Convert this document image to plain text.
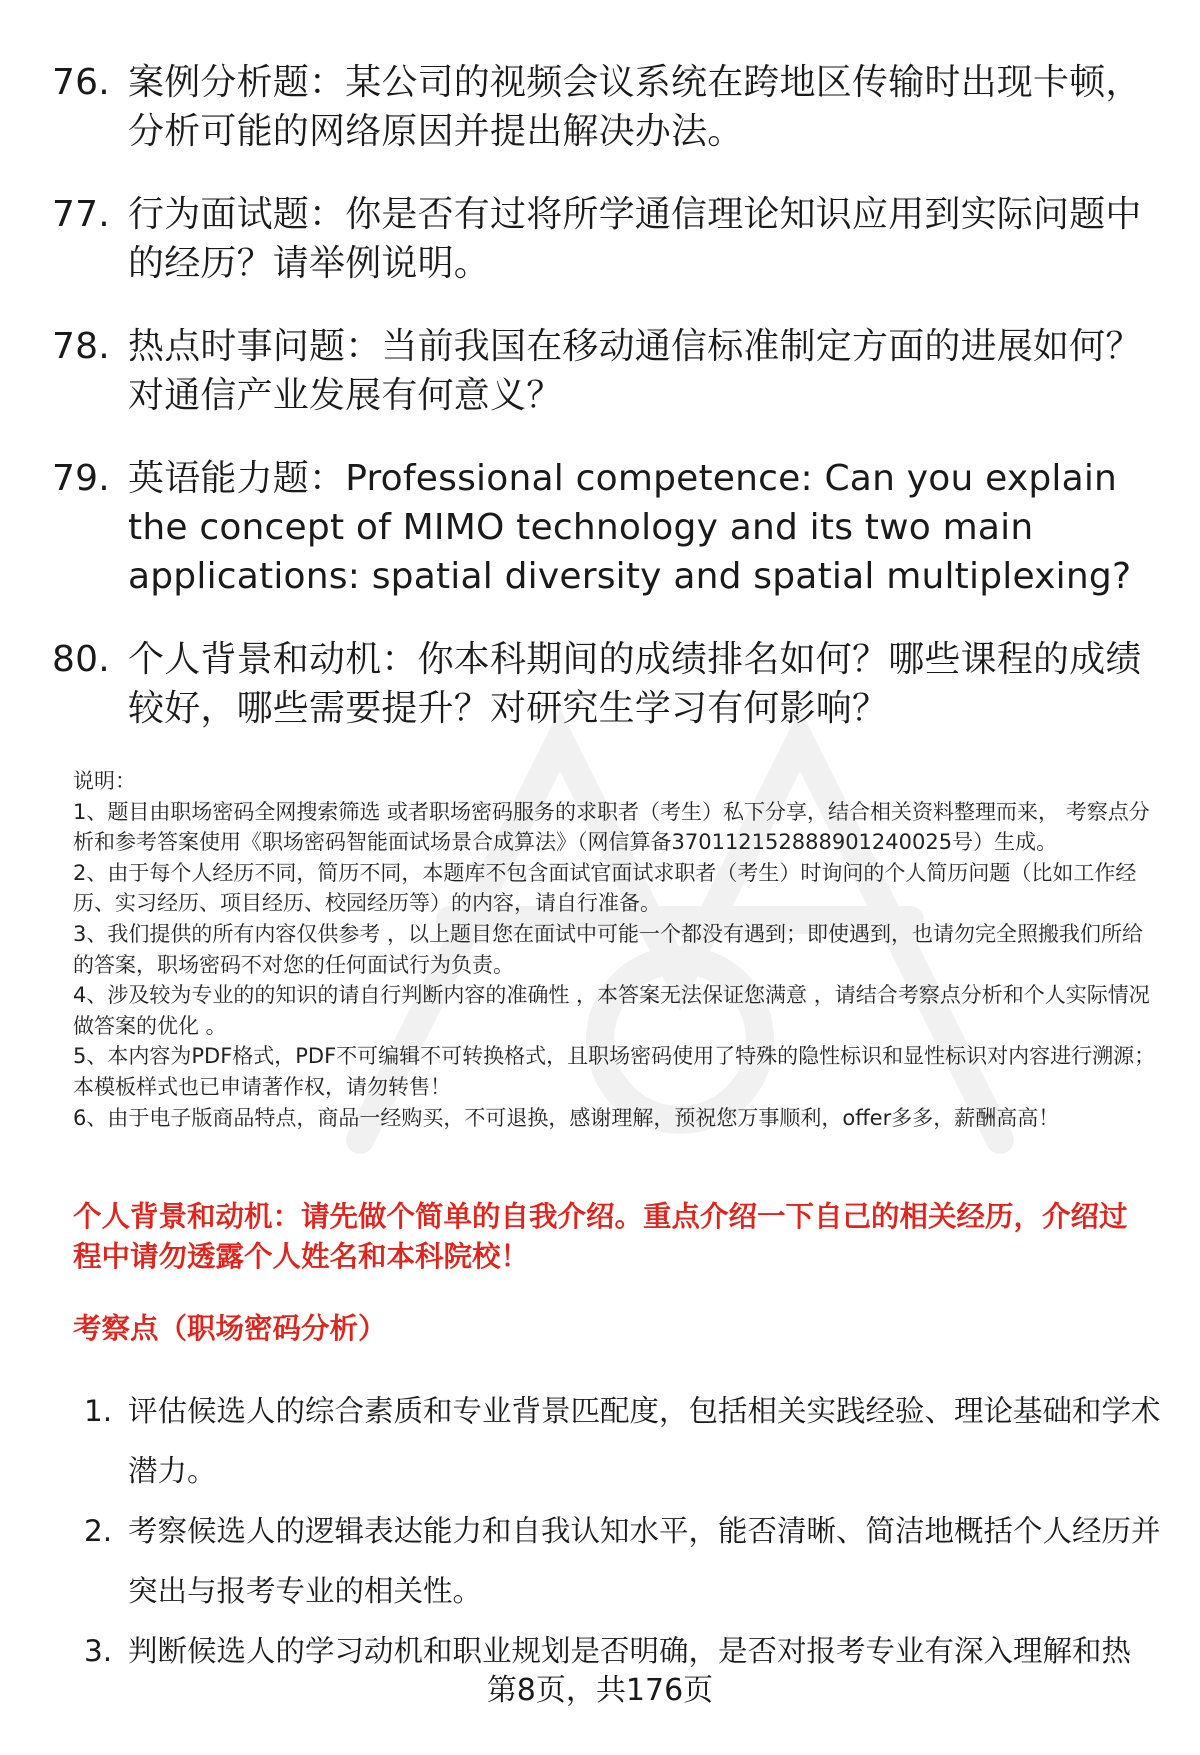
76. 案例分析题：某公司的视频会议系统在跨地区传输时出现卡顿，分析可能的网络原因并提出解决办法。
77. 行为面试题：你是否有过将所学通信理论知识应用到实际问题中的经历？请举例说明。
78. 热点时事问题：当前我国在移动通信标准制定方面的进展如何？对通信产业发展有何意义？
79. 英语能力题：Professional competence: Can you explain the concept of MIMO technology and its two main applications: spatial diversity and spatial multiplexing?
80. 个人背景和动机：你本科期间的成绩排名如何？哪些课程的成绩较好，哪些需要提升？对研究生学习有何影响？

说明：

1、题目由职场密码全网搜索筛选 或者职场密码服务的求职者（考生）私下分享，结合相关资料整理而来， 考察点分析和参考答案使用《职场密码智能面试场景合成算法》（网信算备370112152888901240025号）生成。

2、由于每个人经历不同，简历不同，本题库不包含面试官面试求职者（考生）时询问的个人简历问题（比如工作经历、实习经历、项目经历、校园经历等）的内容，请自行准备。

3、我们提供的所有内容仅供参考 ，以上题目您在面试中可能一个都没有遇到；即使遇到，也请勿完全照搬我们所给的答案，职场密码不对您的任何面试行为负责。

4、涉及较为专业的的知识的请自行判断内容的准确性 ，本答案无法保证您满意 ，请结合考察点分析和个人实际情况做答案的优化 。

5、本内容为PDF格式，PDF不可编辑不可转换格式，且职场密码使用了特殊的隐性标识和显性标识对内容进行溯源；本模板样式也已申请著作权，请勿转售！

6、由于电子版商品特点，商品一经购买，不可退换，感谢理解，预祝您万事顺利，offer多多，薪酬高高！

个人背景和动机：请先做个简单的自我介绍。重点介绍一下自己的相关经历，介绍过程中请勿透露个人姓名和本科院校！
考察点（职场密码分析）
1. 评估候选人的综合素质和专业背景匹配度，包括相关实践经验、理论基础和学术潜力。
2. 考察候选人的逻辑表达能力和自我认知水平，能否清晰、简洁地概括个人经历并突出与报考专业的相关性。
3. 判断候选人的学习动机和职业规划是否明确，是否对报考专业有深入理解和热
第8页，共176页
